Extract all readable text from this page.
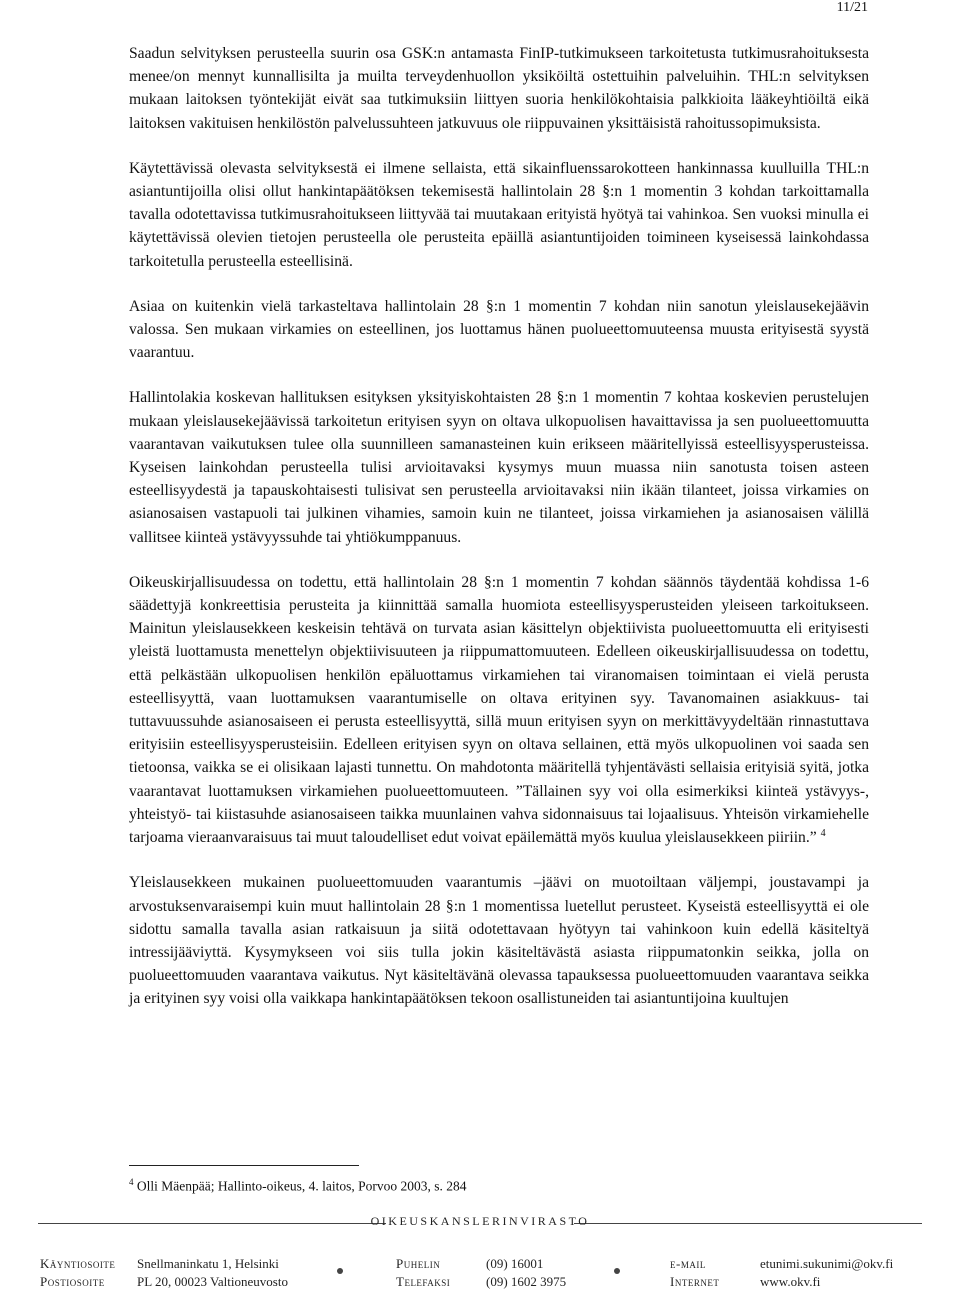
11/21

Saadun selvityksen perusteella suurin osa GSK:n antamasta FinIP-tutkimukseen tarkoitetusta tutkimusrahoituksesta menee/on mennyt kunnallisilta ja muilta terveydenhuollon yksiköiltä ostettuihin palveluihin. THL:n selvityksen mukaan laitoksen työntekijät eivät saa tutkimuksiin liittyen suoria henkilökohtaisia palkkioita lääkeyhtiöiltä eikä laitoksen vakituisen henkilöstön palvelussuhteen jatkuvuus ole riippuvainen yksittäisistä rahoitussopimuksista.

Käytettävissä olevasta selvityksestä ei ilmene sellaista, että sikainfluenssarokotteen hankinnassa kuulluilla THL:n asiantuntijoilla olisi ollut hankintapäätöksen tekemisestä hallintolain 28 §:n 1 momentin 3 kohdan tarkoittamalla tavalla odotettavissa tutkimusrahoitukseen liittyvää tai muutakaan erityistä hyötyä tai vahinkoa. Sen vuoksi minulla ei käytettävissä olevien tietojen perusteella ole perusteita epäillä asiantuntijoiden toimineen kyseisessä lainkohdassa tarkoitetulla perusteella esteellisinä.

Asiaa on kuitenkin vielä tarkasteltava hallintolain 28 §:n 1 momentin 7 kohdan niin sanotun yleislausekejäävin valossa. Sen mukaan virkamies on esteellinen, jos luottamus hänen puolueettomuuteensa muusta erityisestä syystä vaarantuu.

Hallintolakia koskevan hallituksen esityksen yksityiskohtaisten 28 §:n 1 momentin 7 kohtaa koskevien perustelujen mukaan yleislausekejäävissä tarkoitetun erityisen syyn on oltava ulkopuolisen havaittavissa ja sen puolueettomuutta vaarantavan vaikutuksen tulee olla suunnilleen samanasteinen kuin erikseen määritellyissä esteellisyysperusteissa. Kyseisen lainkohdan perusteella tulisi arvioitavaksi kysymys muun muassa niin sanotusta toisen asteen esteellisyydestä ja tapauskohtaisesti tulisivat sen perusteella arvioitavaksi niin ikään tilanteet, joissa virkamies on asianosaisen vastapuoli tai julkinen vihamies, samoin kuin ne tilanteet, joissa virkamiehen ja asianosaisen välillä vallitsee kiinteä ystävyyssuhde tai yhtiökumppanuus.

Oikeuskirjallisuudessa on todettu, että hallintolain 28 §:n 1 momentin 7 kohdan säännös täydentää kohdissa 1-6 säädettyjä konkreettisia perusteita ja kiinnittää samalla huomiota esteellisyysperusteiden yleiseen tarkoitukseen. Mainitun yleislausekkeen keskeisin tehtävä on turvata asian käsittelyn objektiivista puolueettomuutta eli erityisesti yleistä luottamusta menettelyn objektiivisuuteen ja riippumattomuuteen. Edelleen oikeuskirjallisuudessa on todettu, että pelkästään ulkopuolisen henkilön epäluottamus virkamiehen tai viranomaisen toimintaan ei vielä perusta esteellisyyttä, vaan luottamuksen vaarantumiselle on oltava erityinen syy. Tavanomainen asiakkuus- tai tuttavuussuhde asianosaiseen ei perusta esteellisyyttä, sillä muun erityisen syyn on merkittävyydeltään rinnastuttava erityisiin esteellisyysperusteisiin. Edelleen erityisen syyn on oltava sellainen, että myös ulkopuolinen voi saada sen tietoonsa, vaikka se ei olisikaan lajasti tunnettu. On mahdotonta määritellä tyhjentävästi sellaisia erityisiä syitä, jotka vaarantavat luottamuksen virkamiehen puolueettomuuteen. ”Tällainen syy voi olla esimerkiksi kiinteä ystävyys-, yhteistyö- tai kiistasuhde asianosaiseen taikka muunlainen vahva sidonnaisuus tai lojaalisuus. Yhteisön virkamiehelle tarjoama vieraanvaraisuus tai muut taloudelliset edut voivat epäilemättä myös kuulua yleislausekkeen piiriin.” $^4$

Yleislausekkeen mukainen puolueettomuuden vaarantumis –jäävi on muotoiltaan väljempi, joustavampi ja arvostuksenvaraisempi kuin muut hallintolain 28 §:n 1 momentissa luetellut perusteet. Kyseistä esteellisyyttä ei ole sidottu samalla tavalla asian ratkaisuun ja siitä odotettavaan hyötyyn tai vahinkoon kuin edellä käsiteltyä intressijääviyttä. Kysymykseen voi siis tulla jokin käsiteltävästä asiasta riippumatonkin seikka, jolla on puolueettomuuden vaarantava vaikutus. Nyt käsiteltävänä olevassa tapauksessa puolueettomuuden vaarantava seikka ja erityinen syy voisi olla vaikkapa hankintapäätöksen tekoon osallistuneiden tai asiantuntijoina kuultujen

$^4$ Olli Mäenpää; Hallinto-oikeus, 4. laitos, Porvoo 2003, s. 284
OIKEUSKANSLERINVIRASTO
Käyntiosoite Snellmaninkatu 1, Helsinki
Postiosoite PL 20, 00023 Valtioneuvosto
Puhelin	(09) 16001
Telefaksi	(09) 1602 3975
e-mail	etunimi.sukunimi@okv.fi
Internet	www.okv.fi
